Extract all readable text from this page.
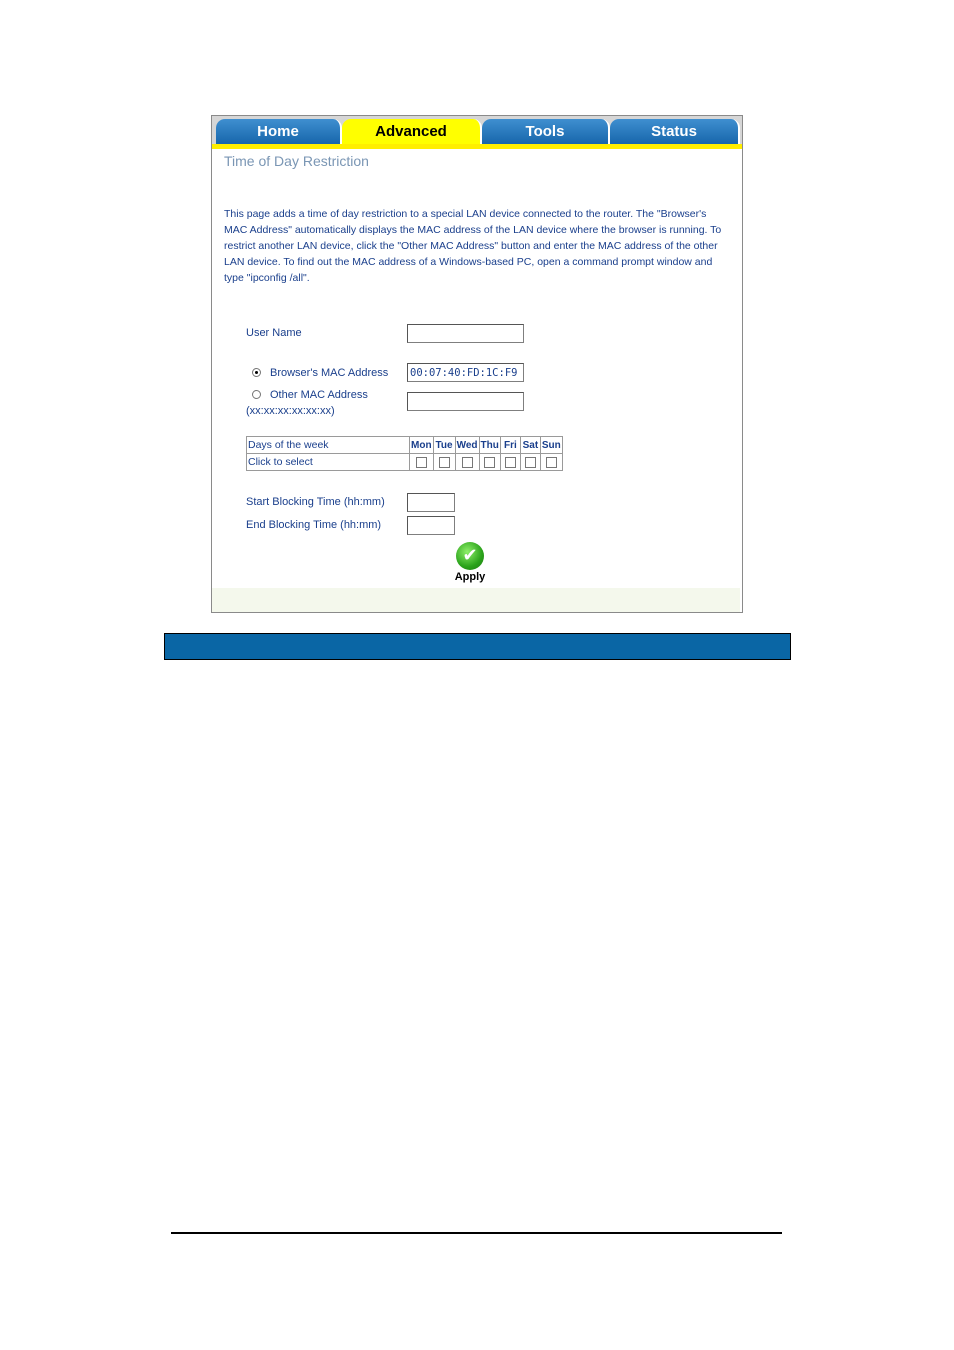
Home	Advanced	Tools	Status
Time of Day Restriction
This page adds a time of day restriction to a special LAN device connected to the router. The "Browser's MAC Address" automatically displays the MAC address of the LAN device where the browser is running. To restrict another LAN device, click the "Other MAC Address" button and enter the MAC address of the other LAN device. To find out the MAC address of a Windows-based PC, open a command prompt window and type "ipconfig /all".
User Name
Browser's MAC Address
00:07:40:FD:1C:F9
Other MAC Address
(xx:xx:xx:xx:xx:xx)
Days of the week	Mon	Tue	Wed	Thu	Fri	Sat	Sun
Click to select							
Start Blocking Time (hh:mm)
End Blocking Time (hh:mm)
✔
Apply
